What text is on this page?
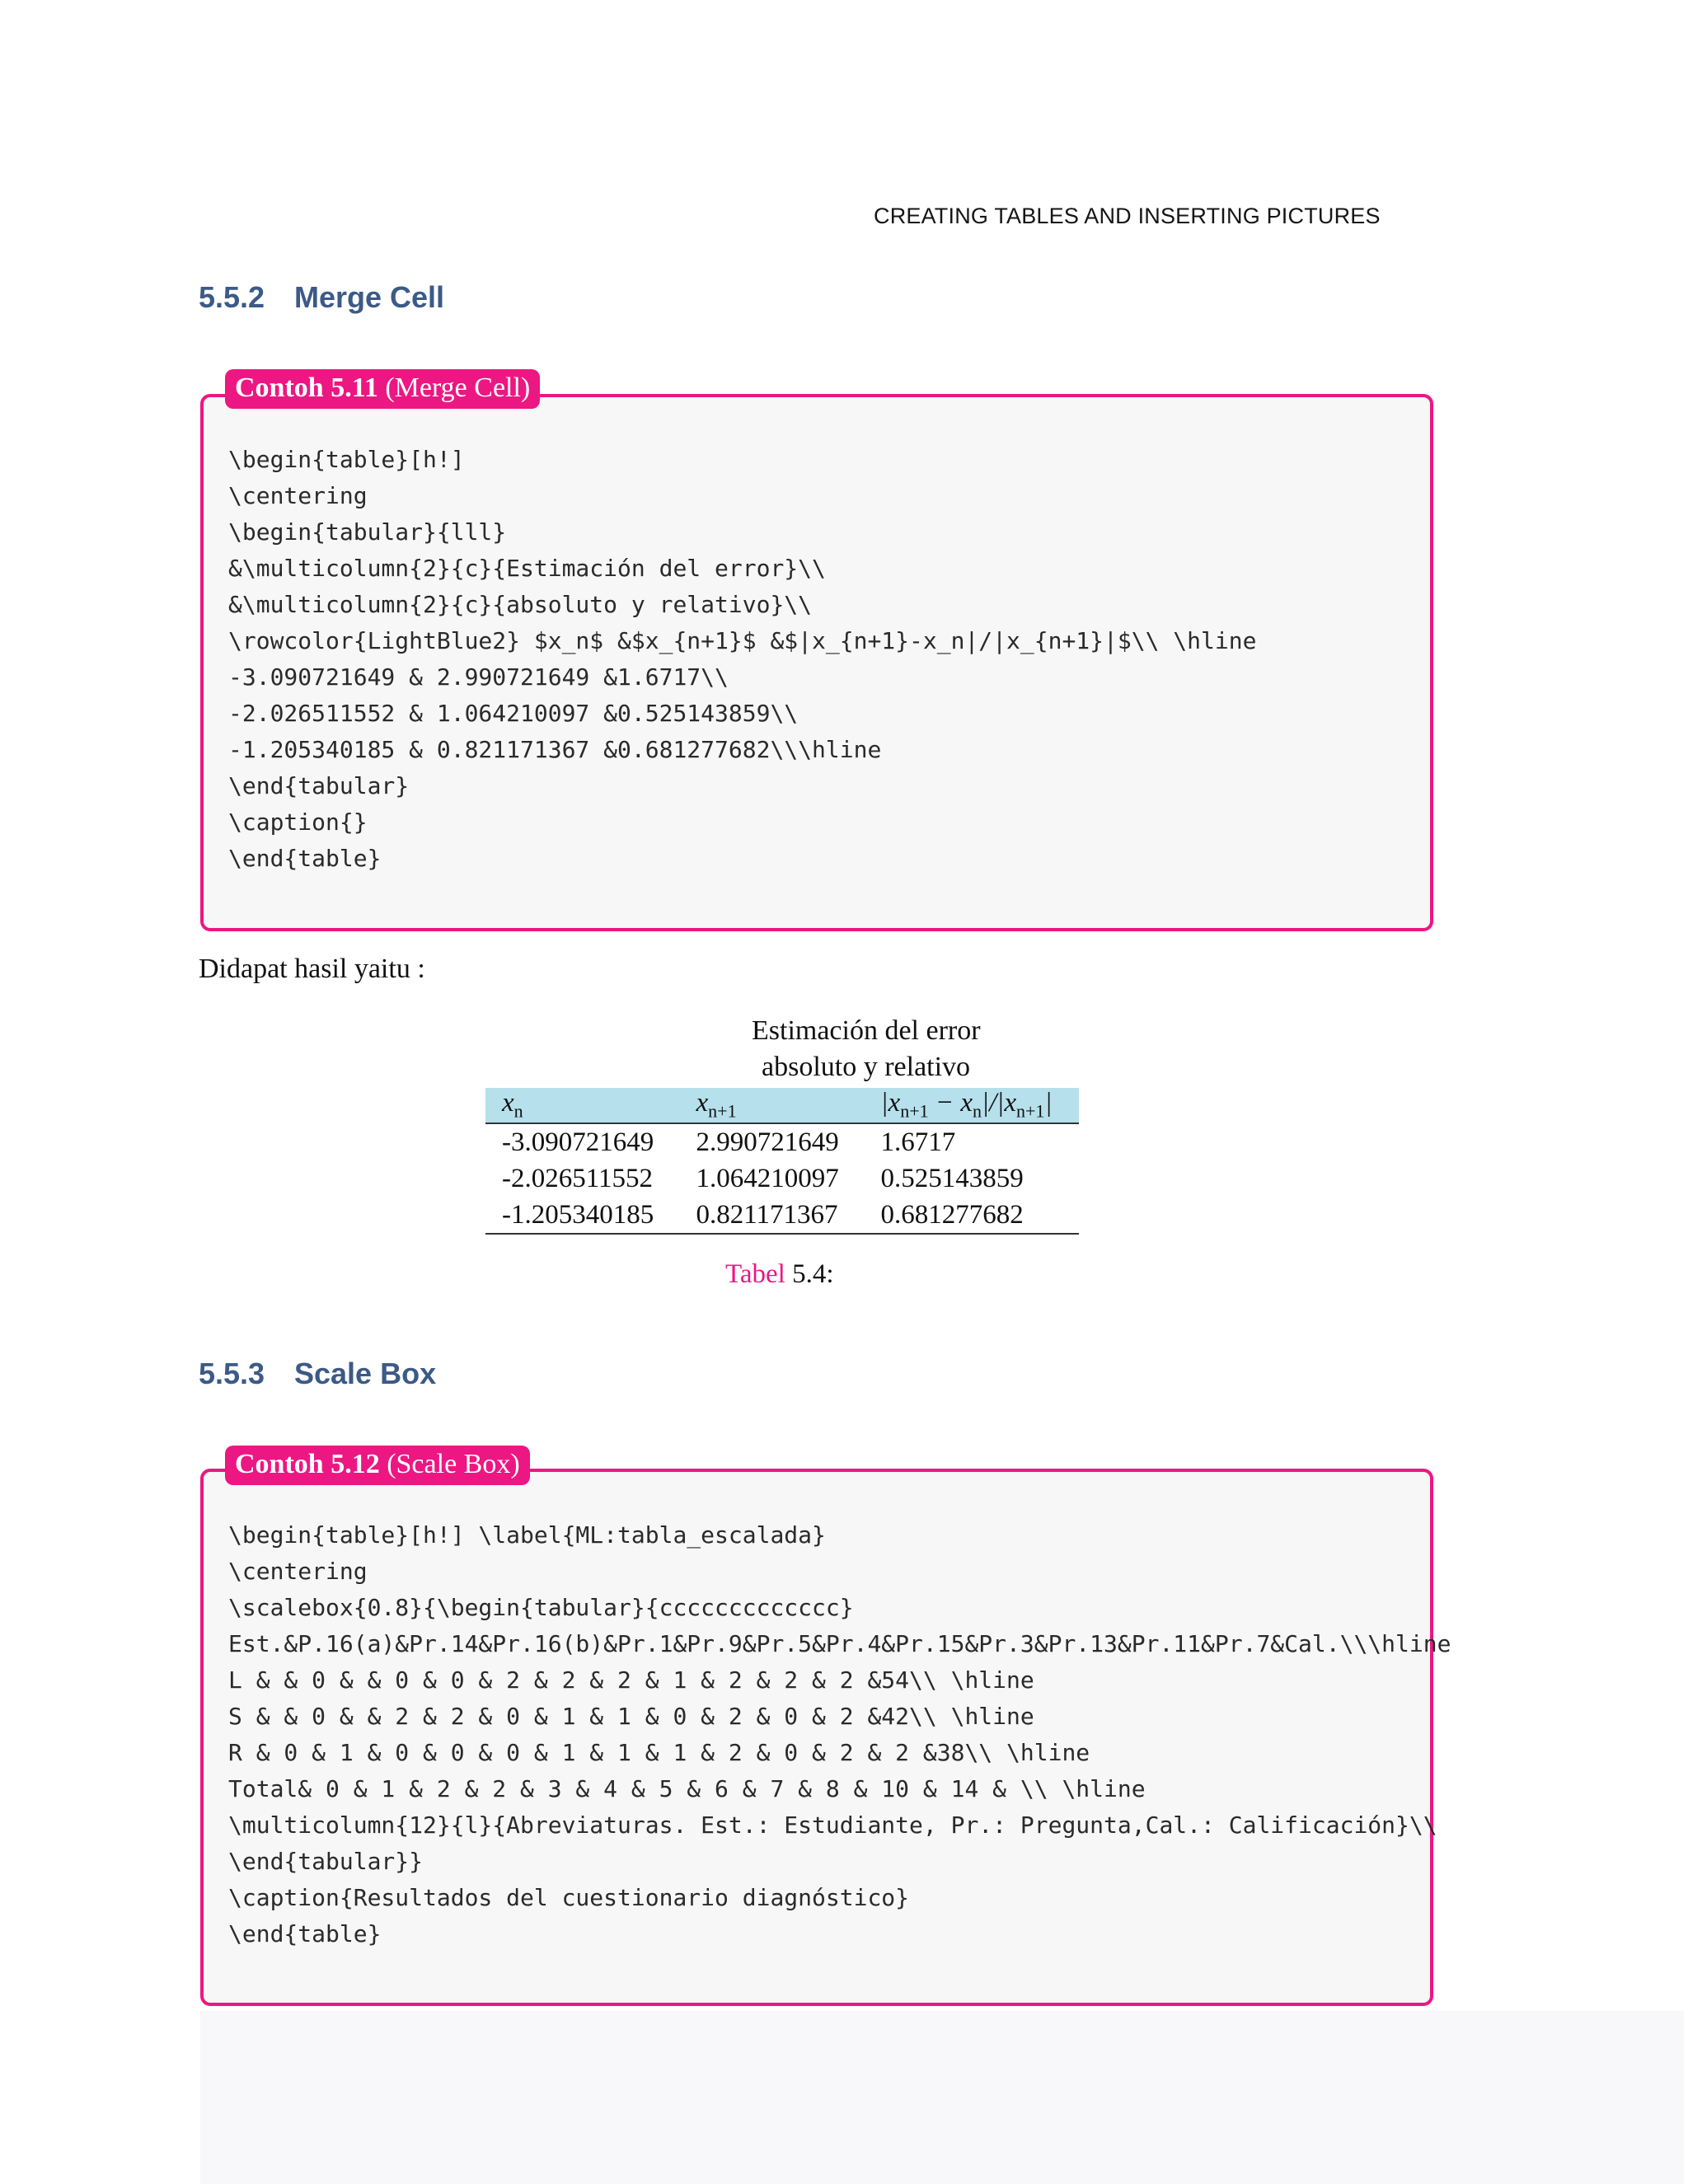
CREATING TABLES AND INSERTING PICTURES
5.5.2 Merge Cell
Contoh 5.11 (Merge Cell)
\begin{table}[h!]
\centering
\begin{tabular}{lll}
&\multicolumn{2}{c}{Estimación del error}\\
&\multicolumn{2}{c}{absoluto y relativo}\\
\rowcolor{LightBlue2} $x_n$ &$x_{n+1}$ &$|x_{n+1}-x_n|/|x_{n+1}|$\\ \hline
-3.090721649 & 2.990721649 &1.6717\\
-2.026511552 & 1.064210097 &0.525143859\\
-1.205340185 & 0.821171367 &0.681277682\\\hline
\end{tabular}
\caption{}
\end{table}
Didapat hasil yaitu :
Estimación del error
absoluto y relativo
$x_n$	$x_{n+1}$	$|x_{n+1} - x_n|/|x_{n+1}|$
-3.090721649	2.990721649	1.6717
-2.026511552	1.064210097	0.525143859
-1.205340185	0.821171367	0.681277682
Tabel 5.4:
5.5.3 Scale Box
Contoh 5.12 (Scale Box)
\begin{table}[h!] \label{ML:tabla_escalada}
\centering
\scalebox{0.8}{\begin{tabular}{ccccccccccccc}
Est.&P.16(a)&Pr.14&Pr.16(b)&Pr.1&Pr.9&Pr.5&Pr.4&Pr.15&Pr.3&Pr.13&Pr.11&Pr.7&Cal.\\\hline
L & & 0 & & 0 & 0 & 2 & 2 & 2 & 1 & 2 & 2 & 2 &54\\ \hline
S & & 0 & & 2 & 2 & 0 & 1 & 1 & 0 & 2 & 0 & 2 &42\\ \hline
R & 0 & 1 & 0 & 0 & 0 & 1 & 1 & 1 & 2 & 0 & 2 & 2 &38\\ \hline
Total& 0 & 1 & 2 & 2 & 3 & 4 & 5 & 6 & 7 & 8 & 10 & 14 & \\ \hline
\multicolumn{12}{l}{Abreviaturas. Est.: Estudiante, Pr.: Pregunta,Cal.: Calificación}\\
\end{tabular}}
\caption{Resultados del cuestionario diagnóstico}
\end{table}
